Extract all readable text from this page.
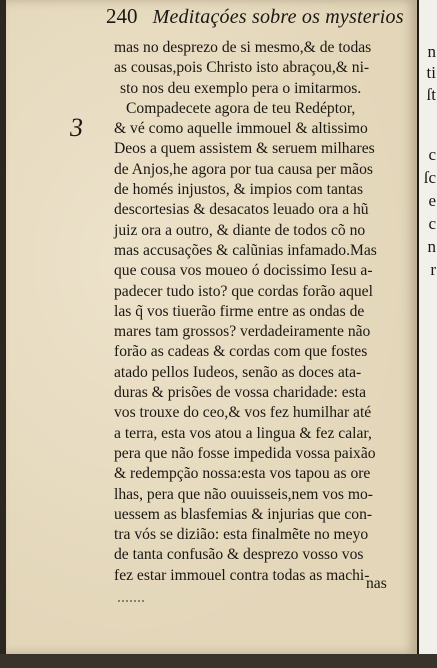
240 Meditaçóes sobre os mysterios
3
mas no desprezo de si mesmo,& de todas
as cousas,pois Christo isto abraçou,& ni-
sto nos deu exemplo pera o imitarmos.
Compadecete agora de teu Redéptor,
& vé como aquelle immouel & altissimo
Deos a quem assistem & seruem milhares
de Anjos,he agora por tua causa per mãos
de homés injustos, & impios com tantas
descortesias & desacatos leuado ora a hũ
juiz ora a outro, & diante de todos cõ no
mas accusações & calũnias infamado.Mas
que cousa vos moueo ó docissimo Iesu a-
padecer tudo isto? que cordas forão aquel
las q̃ vos tiuerão firme entre as ondas de
mares tam grossos? verdadeiramente não
forão as cadeas & cordas com que fostes
atado pellos Iudeos, senão as doces ata-
duras & prisões de vossa charidade: esta
vos trouxe do ceo,& vos fez humilhar até
a terra, esta vos atou a lingua & fez calar,
pera que não fosse impedida vossa paixão
& redempção nossa:esta vos tapou as ore
lhas, pera que não ouuisseis,nem vos mo-
uessem as blasfemias & injurias que con-
tra vós se dizião: esta finalmẽte no meyo
de tanta confusão & desprezo vosso vos
fez estar immouel contra todas as machi-
nas
n
ti
ſt
c
ſc
e
c
n
r
